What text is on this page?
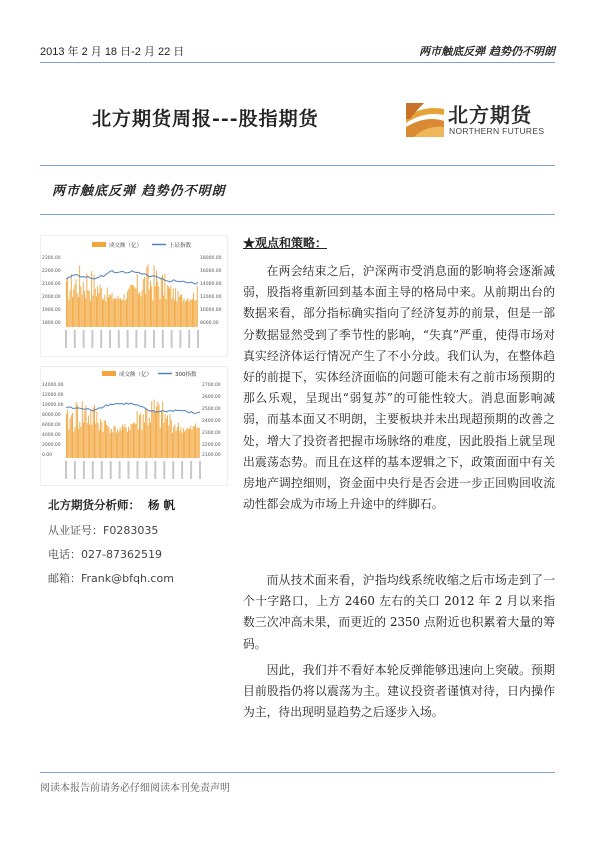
2013 年 2 月 18 日-2 月 22 日	两市触底反弹 趋势仍不明朗
北方期货周报---股指期货	北方期货
NORTHERN FUTURES
两市触底反弹 趋势仍不明朗
成交额（亿）	上证指数
2300.00
2200.00
2100.00
2000.00
1900.00
1800.00
18000.00
16000.00
14000.00
12000.00
10000.00
8000.00
成交额（亿）	300指数
14000.00
12000.00
10000.00
8000.00
6000.00
4000.00
2000.00
0.00
2700.00
2600.00
2500.00
2400.00
2300.00
2200.00
2100.00
北方期货分析师： 杨 帆
从业证号：F0283035
电话：027-87362519
邮箱：Frank@bfqh.com
★观点和策略：

在两会结束之后，沪深两市受消息面的影响将会逐渐减弱，股指将重新回到基本面主导的格局中来。从前期出台的数据来看，部分指标确实指向了经济复苏的前景，但是一部分数据显然受到了季节性的影响，“失真”严重，使得市场对真实经济体运行情况产生了不小分歧。我们认为，在整体趋好的前提下，实体经济面临的问题可能未有之前市场预期的那么乐观，呈现出“弱复苏”的可能性较大。消息面影响减弱，而基本面又不明朗，主要板块并未出现超预期的改善之处，增大了投资者把握市场脉络的难度，因此股指上就呈现出震荡态势。而且在这样的基本逻辑之下，政策面面中有关房地产调控细则，资金面中央行是否会进一步正回购回收流动性都会成为市场上升途中的绊脚石。

而从技术面来看，沪指均线系统收缩之后市场走到了一个十字路口，上方 2460 左右的关口 2012 年 2 月以来指数三次冲高未果，而更近的 2350 点附近也积累着大量的筹码。

因此，我们并不看好本轮反弹能够迅速向上突破。预期目前股指仍将以震荡为主。建议投资者谨慎对待，日内操作为主，待出现明显趋势之后逐步入场。

阅读本报告前请务必仔细阅读本刊免责声明
